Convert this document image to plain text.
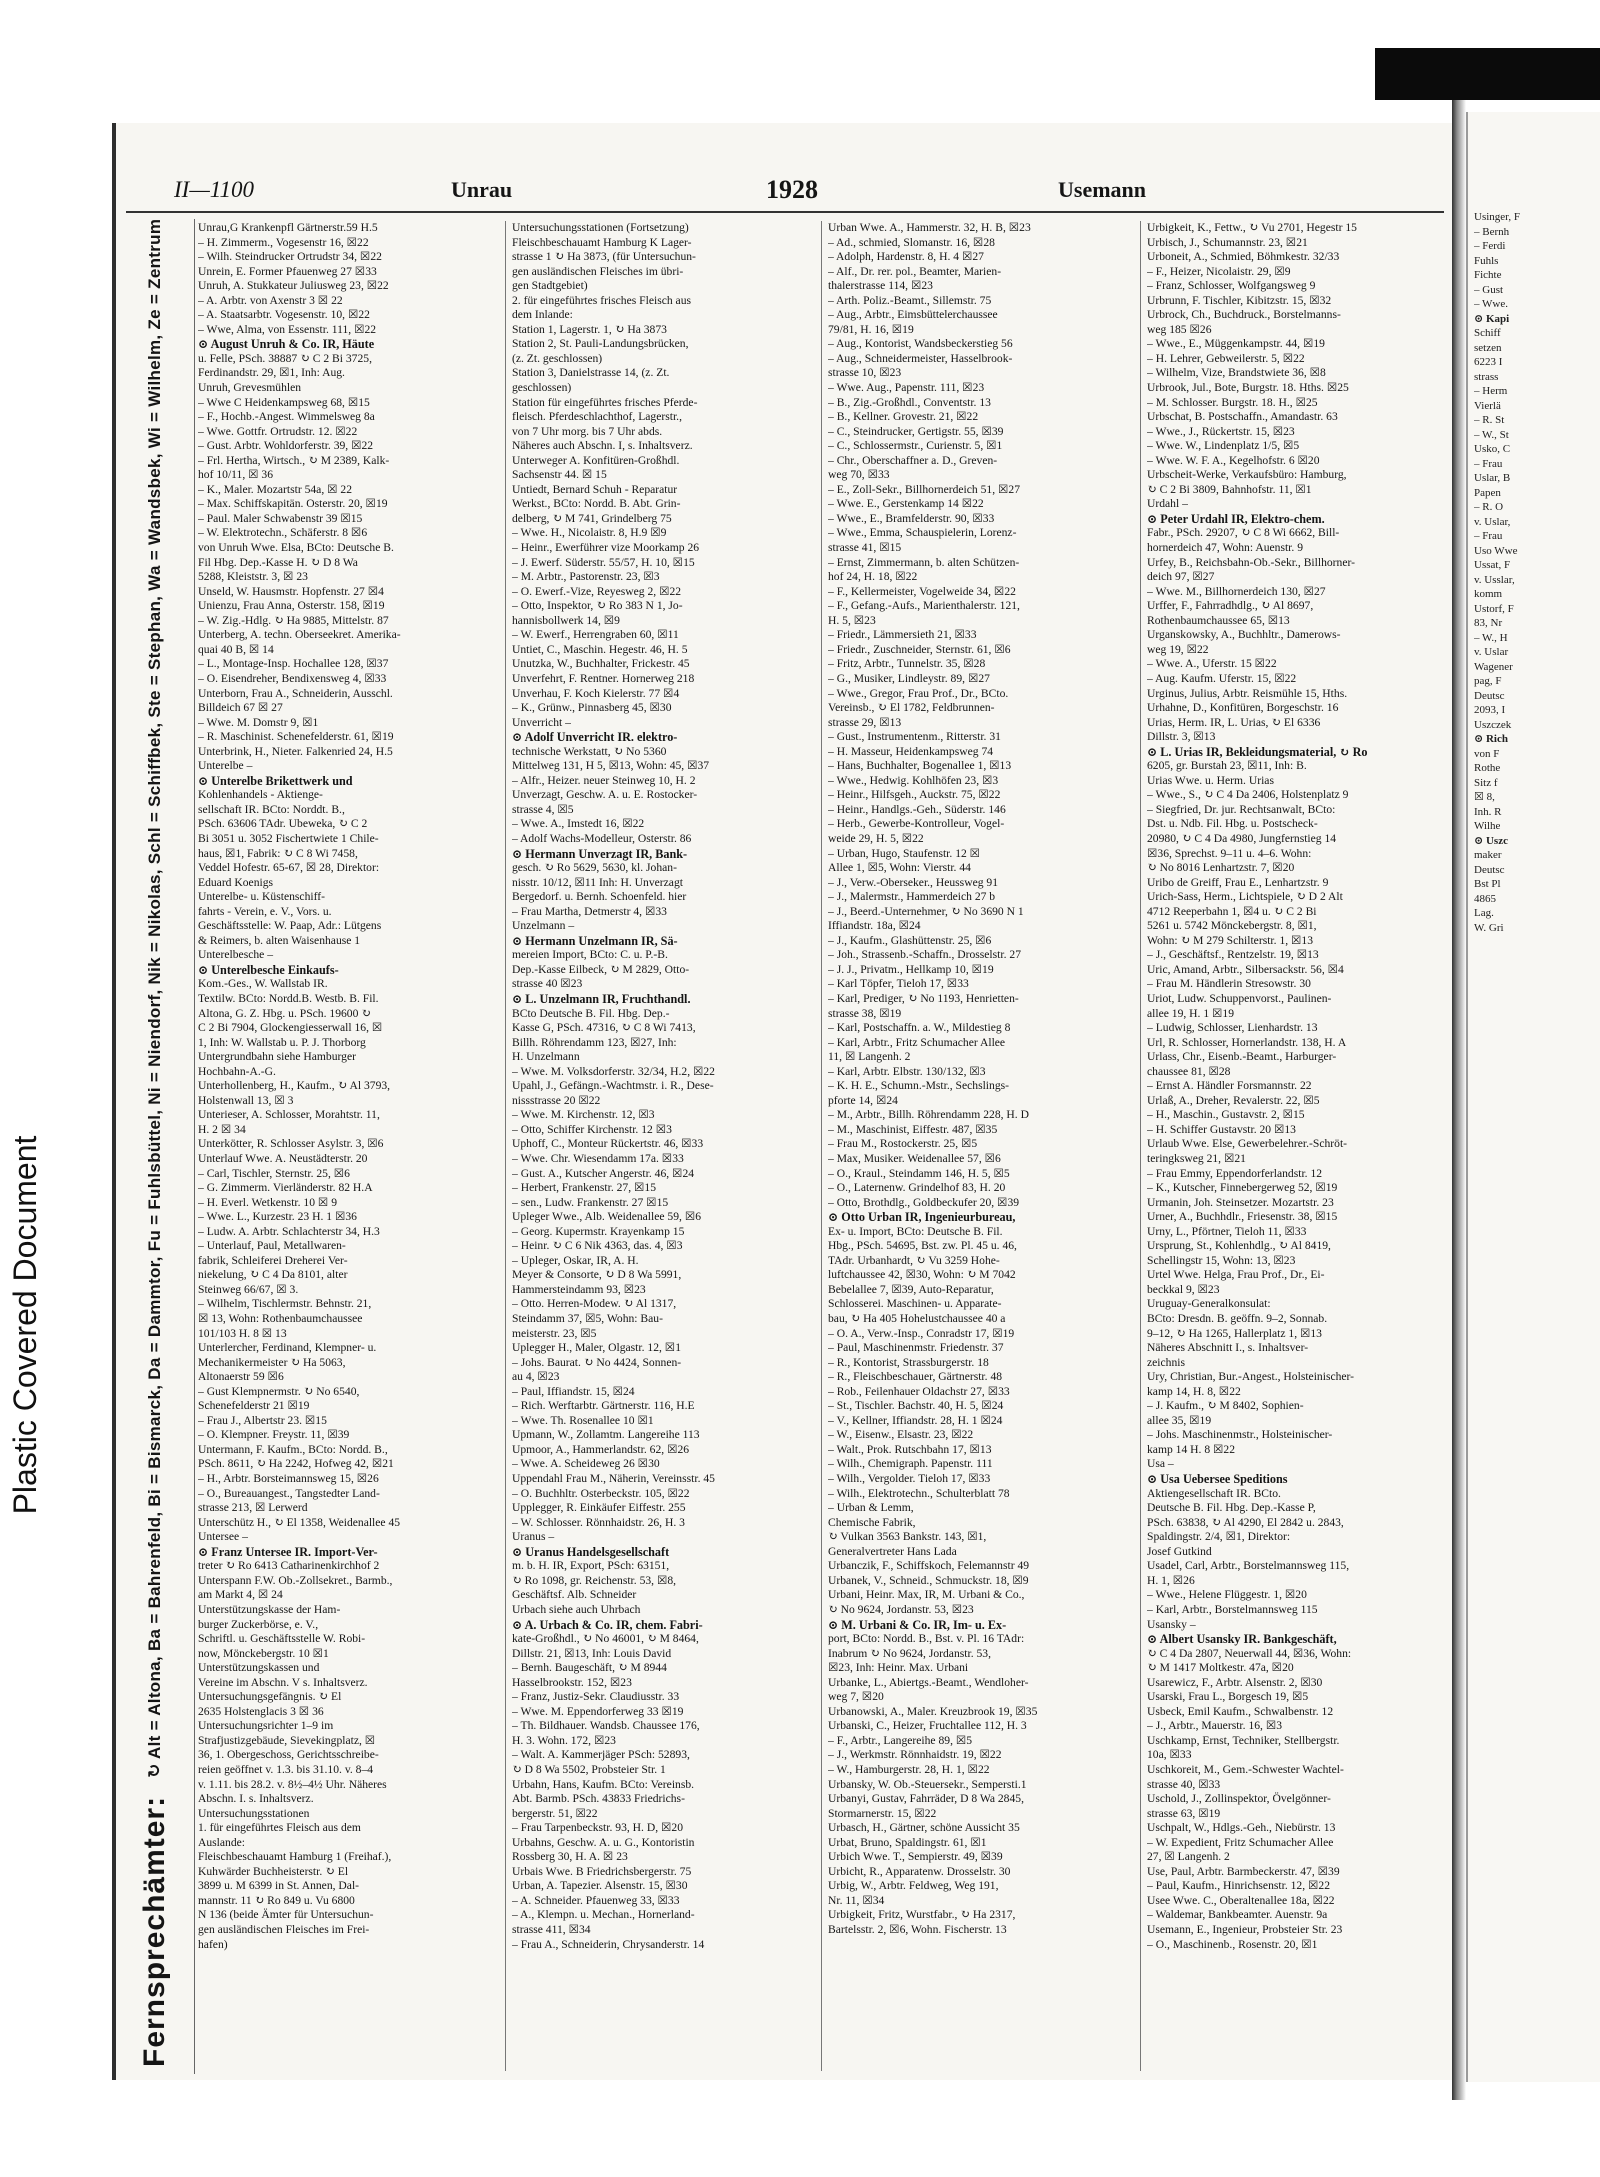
Plastic Covered Document
II—1100	Unrau	1928	Usemann
Fernsprechämter:
↻ Alt = Altona, Ba = Bahrenfeld, Bi = Bismarck, Da = Dammtor, Fu = Fuhlsbüttel, Ni = Niendorf, Nik = Nikolas, Schl = Schiffbek, Ste = Stephan, Wa = Wandsbek, Wi = Wilhelm, Ze = Zentrum	Unrau,G Krankenpfl Gärtnerstr.59 H.5
– H. Zimmerm., Vogesenstr 16, ☒22
– Wilh. Steindrucker Ortrudstr 34, ☒22
Unrein, E. Former Pfauenweg 27 ☒33
Unruh, A. Stukkateur Juliusweg 23, ☒22
– A. Arbtr. von Axenstr 3 ☒ 22
– A. Staatsarbtr. Vogesenstr. 10, ☒22
– Wwe, Alma, von Essenstr. 111, ☒22
⊙ August Unruh & Co. IR, Häute
u. Felle, PSch. 38887 ↻ C 2 Bi 3725,
Ferdinandstr. 29, ☒1, Inh: Aug.
Unruh, Grevesmühlen
– Wwe C Heidenkampsweg 68, ☒15
– F., Hochb.-Angest. Wimmelsweg 8a
– Wwe. Gottfr. Ortrudstr. 12. ☒22
– Gust. Arbtr. Wohldorferstr. 39, ☒22
– Frl. Hertha, Wirtsch., ↻ M 2389, Kalk-
hof 10/11, ☒ 36
– K., Maler. Mozartstr 54a, ☒ 22
– Max. Schiffskapitän. Osterstr. 20, ☒19
– Paul. Maler Schwabenstr 39 ☒15
– W. Elektrotechn., Schäferstr. 8 ☒6
von Unruh Wwe. Elsa, BCto: Deutsche B.
Fil Hbg. Dep.-Kasse H. ↻ D 8 Wa
5288, Kleiststr. 3, ☒ 23
Unseld, W. Hausmstr. Hopfenstr. 27 ☒4
Unienzu, Frau Anna, Osterstr. 158, ☒19
– W. Zig.-Hdlg. ↻ Ha 9885, Mittelstr. 87
Unterberg, A. techn. Oberseekret. Amerika-
quai 40 B, ☒ 14
– L., Montage-Insp. Hochallee 128, ☒37
– O. Eisendreher, Bendixensweg 4, ☒33
Unterborn, Frau A., Schneiderin, Ausschl.
Billdeich 67 ☒ 27
– Wwe. M. Domstr 9, ☒1
– R. Maschinist. Schenefelderstr. 61, ☒19
Unterbrink, H., Nieter. Falkenried 24, H.5
Unterelbe –
⊙ Unterelbe Brikettwerk und
Kohlenhandels - Aktienge-
sellschaft IR. BCto: Norddt. B.,
PSch. 63606 TAdr. Ubeweka, ↻ C 2
Bi 3051 u. 3052 Fischertwiete 1 Chile-
haus, ☒1, Fabrik: ↻ C 8 Wi 7458,
Veddel Hofestr. 65-67, ☒ 28, Direktor:
Eduard Koenigs
Unterelbe- u. Küstenschiff-
fahrts - Verein, e. V., Vors. u.
Geschäftsstelle: W. Paap, Adr.: Lütgens
& Reimers, b. alten Waisenhause 1
Unterelbesche –
⊙ Unterelbesche Einkaufs-
Kom.-Ges., W. Wallstab IR.
Textilw. BCto: Nordd.B. Westb. B. Fil.
Altona, G. Z. Hbg. u. PSch. 19600 ↻
C 2 Bi 7904, Glockengiesserwall 16, ☒
1, Inh: W. Wallstab u. P. J. Thorborg
Untergrundbahn siehe Hamburger
Hochbahn-A.-G.
Unterhollenberg, H., Kaufm., ↻ Al 3793,
Holstenwall 13, ☒ 3
Unterieser, A. Schlosser, Morahtstr. 11,
H. 2 ☒ 34
Unterkötter, R. Schlosser Asylstr. 3, ☒6
Unterlauf Wwe. A. Neustädterstr. 20
– Carl, Tischler, Sternstr. 25, ☒6
– G. Zimmerm. Vierländerstr. 82 H.A
– H. Everl. Wetkenstr. 10 ☒ 9
– Wwe. L., Kurzestr. 23 H. 1 ☒36
– Ludw. A. Arbtr. Schlachterstr 34, H.3
– Unterlauf, Paul, Metallwaren-
fabrik, Schleiferei Dreherei Ver-
niekelung, ↻ C 4 Da 8101, alter
Steinweg 66/67, ☒ 3.
– Wilhelm, Tischlermstr. Behnstr. 21,
☒ 13, Wohn: Rothenbaumchaussee
101/103 H. 8 ☒ 13
Unterlercher, Ferdinand, Klempner- u.
Mechanikermeister ↻ Ha 5063,
Altonaerstr 59 ☒6
– Gust Klempnermstr. ↻ No 6540,
Schenefelderstr 21 ☒19
– Frau J., Albertstr 23. ☒15
– O. Klempner. Freystr. 11, ☒39
Untermann, F. Kaufm., BCto: Nordd. B.,
PSch. 8611, ↻ Ha 2242, Hofweg 42, ☒21
– H., Arbtr. Borsteimannsweg 15, ☒26
– O., Bureauangest., Tangstedter Land-
strasse 213, ☒ Lerwerd
Unterschütz H., ↻ El 1358, Weidenallee 45
Untersee –
⊙ Franz Untersee IR. Import-Ver-
treter ↻ Ro 6413 Catharinenkirchhof 2
Unterspann F.W. Ob.-Zollsekret., Barmb.,
am Markt 4, ☒ 24
Unterstützungskasse der Ham-
burger Zuckerbörse, e. V.,
Schriftl. u. Geschäftsstelle W. Robi-
now, Mönckebergstr. 10 ☒1
Unterstützungskassen und
Vereine im Abschn. V s. Inhaltsverz.
Untersuchungsgefängnis. ↻ El
2635 Holstenglacis 3 ☒ 36
Untersuchungsrichter 1–9 im
Strafjustizgebäude, Sievekingplatz, ☒
36, 1. Obergeschoss, Gerichtsschreibe-
reien geöffnet v. 1.3. bis 31.10. v. 8–4
v. 1.11. bis 28.2. v. 8½–4½ Uhr. Näheres
Abschn. I. s. Inhaltsverz.
Untersuchungsstationen
1. für eingeführtes Fleisch aus dem
Auslande:
Fleischbeschauamt Hamburg 1 (Freihaf.),
Kuhwärder Buchheisterstr. ↻ El
3899 u. M 6399 in St. Annen, Dal-
mannstr. 11 ↻ Ro 849 u. Vu 6800
N 136 (beide Ämter für Untersuchun-
gen ausländischen Fleisches im Frei-
hafen)
Untersuchungsstationen (Fortsetzung)
Fleischbeschauamt Hamburg K Lager-
strasse 1 ↻ Ha 3873, (für Untersuchun-
gen ausländischen Fleisches im übri-
gen Stadtgebiet)
2. für eingeführtes frisches Fleisch aus
dem Inlande:
Station 1, Lagerstr. 1, ↻ Ha 3873
Station 2, St. Pauli-Landungsbrücken,
(z. Zt. geschlossen)
Station 3, Danielstrasse 14, (z. Zt.
geschlossen)
Station für eingeführtes frisches Pferde-
fleisch. Pferdeschlachthof, Lagerstr.,
von 7 Uhr morg. bis 7 Uhr abds.
Näheres auch Abschn. I, s. Inhaltsverz.
Unterweger A. Konfitüren-Großhdl.
Sachsenstr 44. ☒ 15
Untiedt, Bernard Schuh - Reparatur
Werkst., BCto: Nordd. B. Abt. Grin-
delberg, ↻ M 741, Grindelberg 75
– Wwe. H., Nicolaistr. 8, H.9 ☒9
– Heinr., Ewerführer vize Moorkamp 26
– J. Ewerf. Süderstr. 55/57, H. 10, ☒15
– M. Arbtr., Pastorenstr. 23, ☒3
– O. Ewerf.-Vize, Reyesweg 2, ☒22
– Otto, Inspektor, ↻ Ro 383 N 1, Jo-
hannisbollwerk 14, ☒9
– W. Ewerf., Herrengraben 60, ☒11
Untiet, C., Maschin. Hegestr. 46, H. 5
Unutzka, W., Buchhalter, Frickestr. 45
Unverfehrt, F. Rentner. Hornerweg 218
Unverhau, F. Koch Kielerstr. 77 ☒4
– K., Grünw., Pinnasberg 45, ☒30
Unverricht –
⊙ Adolf Unverricht IR. elektro-
technische Werkstatt, ↻ No 5360
Mittelweg 131, H 5, ☒13, Wohn: 45, ☒37
– Alfr., Heizer. neuer Steinweg 10, H. 2
Unverzagt, Geschw. A. u. E. Rostocker-
strasse 4, ☒5
– Wwe. A., Imstedt 16, ☒22
– Adolf Wachs-Modelleur, Osterstr. 86
⊙ Hermann Unverzagt IR, Bank-
gesch. ↻ Ro 5629, 5630, kl. Johan-
nisstr. 10/12, ☒11 Inh: H. Unverzagt
Bergedorf. u. Bernh. Schoenfeld. hier
– Frau Martha, Detmerstr 4, ☒33
Unzelmann –
⊙ Hermann Unzelmann IR, Sä-
mereien Import, BCto: C. u. P.-B.
Dep.-Kasse Eilbeck, ↻ M 2829, Otto-
strasse 40 ☒23
⊙ L. Unzelmann IR, Fruchthandl.
BCto Deutsche B. Fil. Hbg. Dep.-
Kasse G, PSch. 47316, ↻ C 8 Wi 7413,
Billh. Röhrendamm 123, ☒27, Inh:
H. Unzelmann
– Wwe. M. Volksdorferstr. 32/34, H.2, ☒22
Upahl, J., Gefängn.-Wachtmstr. i. R., Dese-
nissstrasse 20 ☒22
– Wwe. M. Kirchenstr. 12, ☒3
– Otto, Schiffer Kirchenstr. 12 ☒3
Uphoff, C., Monteur Rückertstr. 46, ☒33
– Wwe. Chr. Wiesendamm 17a. ☒33
– Gust. A., Kutscher Angerstr. 46, ☒24
– Herbert, Frankenstr. 27, ☒15
– sen., Ludw. Frankenstr. 27 ☒15
Upleger Wwe., Alb. Weidenallee 59, ☒6
– Georg. Kupermstr. Krayenkamp 15
– Heinr. ↻ C 6 Nik 4363, das. 4, ☒3
– Upleger, Oskar, IR, A. H.
Meyer & Consorte, ↻ D 8 Wa 5991,
Hammersteindamm 93, ☒23
– Otto. Herren-Modew. ↻ Al 1317,
Steindamm 37, ☒5, Wohn: Bau-
meisterstr. 23, ☒5
Uplegger H., Maler, Olgastr. 12, ☒1
– Johs. Baurat. ↻ No 4424, Sonnen-
au 4, ☒23
– Paul, Iffiandstr. 15, ☒24
– Rich. Werftarbtr. Gärtnerstr. 116, H.E
– Wwe. Th. Rosenallee 10 ☒1
Upmann, W., Zollamtm. Langereihe 113
Upmoor, A., Hammerlandstr. 62, ☒26
– Wwe. A. Scheideweg 26 ☒30
Uppendahl Frau M., Näherin, Vereinsstr. 45
– O. Buchhltr. Osterbeckstr. 105, ☒22
Upplegger, R. Einkäufer Eiffestr. 255
– W. Schlosser. Rönnhaidstr. 26, H. 3
Uranus –
⊙ Uranus Handelsgesellschaft
m. b. H. IR, Export, PSch: 63151,
↻ Ro 1098, gr. Reichenstr. 53, ☒8,
Geschäftsf. Alb. Schneider
Urbach siehe auch Uhrbach
⊙ A. Urbach & Co. IR, chem. Fabri-
kate-Großhdl., ↻ No 46001, ↻ M 8464,
Dillstr. 21, ☒13, Inh: Louis David
– Bernh. Baugeschäft, ↻ M 8944
Hasselbrookstr. 152, ☒23
– Franz, Justiz-Sekr. Claudiusstr. 33
– Wwe. M. Eppendorferweg 33 ☒19
– Th. Bildhauer. Wandsb. Chaussee 176,
H. 3. Wohn. 172, ☒23
– Walt. A. Kammerjäger PSch: 52893,
↻ D 8 Wa 5502, Probsteier Str. 1
Urbahn, Hans, Kaufm. BCto: Vereinsb.
Abt. Barmb. PSch. 43833 Friedrichs-
bergerstr. 51, ☒22
– Frau Tarpenbeckstr. 93, H. D, ☒20
Urbahns, Geschw. A. u. G., Kontoristin
Rossberg 30, H. A. ☒ 23
Urbais Wwe. B Friedrichsbergerstr. 75
Urban, A. Tapezier. Alsenstr. 15, ☒30
– A. Schneider. Pfauenweg 33, ☒33
– A., Klempn. u. Mechan., Hornerland-
strasse 411, ☒34
– Frau A., Schneiderin, Chrysanderstr. 14
Urban Wwe. A., Hammerstr. 32, H. B, ☒23
– Ad., schmied, Slomanstr. 16, ☒28
– Adolph, Hardenstr. 8, H. 4 ☒27
– Alf., Dr. rer. pol., Beamter, Marien-
thalerstrasse 114, ☒23
– Arth. Poliz.-Beamt., Sillemstr. 75
– Aug., Arbtr., Eimsbüttelerchaussee
79/81, H. 16, ☒19
– Aug., Kontorist, Wandsbeckerstieg 56
– Aug., Schneidermeister, Hasselbrook-
strasse 10, ☒23
– Wwe. Aug., Papenstr. 111, ☒23
– B., Zig.-Großhdl., Conventstr. 13
– B., Kellner. Grovestr. 21, ☒22
– C., Steindrucker, Gertigstr. 55, ☒39
– C., Schlossermstr., Curienstr. 5, ☒1
– Chr., Oberschaffner a. D., Greven-
weg 70, ☒33
– E., Zoll-Sekr., Billhornerdeich 51, ☒27
– Wwe. E., Gerstenkamp 14 ☒22
– Wwe., E., Bramfelderstr. 90, ☒33
– Wwe., Emma, Schauspielerin, Lorenz-
strasse 41, ☒15
– Ernst, Zimmermann, b. alten Schützen-
hof 24, H. 18, ☒22
– F., Kellermeister, Vogelweide 34, ☒22
– F., Gefang.-Aufs., Marienthalerstr. 121,
H. 5, ☒23
– Friedr., Lämmersieth 21, ☒33
– Friedr., Zuschneider, Sternstr. 61, ☒6
– Fritz, Arbtr., Tunnelstr. 35, ☒28
– G., Musiker, Lindleystr. 89, ☒27
– Wwe., Gregor, Frau Prof., Dr., BCto.
Vereinsb., ↻ El 1782, Feldbrunnen-
strasse 29, ☒13
– Gust., Instrumentenm., Ritterstr. 31
– H. Masseur, Heidenkampsweg 74
– Hans, Buchhalter, Bogenallee 1, ☒13
– Wwe., Hedwig. Kohlhöfen 23, ☒3
– Heinr., Hilfsgeh., Auckstr. 75, ☒22
– Heinr., Handlgs.-Geh., Süderstr. 146
– Herb., Gewerbe-Kontrolleur, Vogel-
weide 29, H. 5, ☒22
– Urban, Hugo, Staufenstr. 12 ☒
Allee 1, ☒5, Wohn: Vierstr. 44
– J., Verw.-Oberseker., Heussweg 91
– J., Malermstr., Hammerdeich 27 b
– J., Beerd.-Unternehmer, ↻ No 3690 N 1
Iffiandstr. 18a, ☒24
– J., Kaufm., Glashüttenstr. 25, ☒6
– Joh., Strassenb.-Schaffn., Drosselstr. 27
– J. J., Privatm., Hellkamp 10, ☒19
– Karl Töpfer, Tieloh 17, ☒33
– Karl, Prediger, ↻ No 1193, Henrietten-
strasse 38, ☒19
– Karl, Postschaffn. a. W., Mildestieg 8
– Karl, Arbtr., Fritz Schumacher Allee
11, ☒ Langenh. 2
– Karl, Arbtr. Elbstr. 130/132, ☒3
– K. H. E., Schumn.-Mstr., Sechslings-
pforte 14, ☒24
– M., Arbtr., Billh. Röhrendamm 228, H. D
– M., Maschinist, Eiffestr. 487, ☒35
– Frau M., Rostockerstr. 25, ☒5
– Max, Musiker. Weidenallee 57, ☒6
– O., Kraul., Steindamm 146, H. 5, ☒5
– O., Laternenw. Grindelhof 83, H. 20
– Otto, Brothdlg., Goldbeckufer 20, ☒39
⊙ Otto Urban IR, Ingenieurbureau,
Ex- u. Import, BCto: Deutsche B. Fil.
Hbg., PSch. 54695, Bst. zw. Pl. 45 u. 46,
TAdr. Urbanhardt, ↻ Vu 3259 Hohe-
luftchaussee 42, ☒30, Wohn: ↻ M 7042
Bebelallee 7, ☒39, Auto-Reparatur,
Schlosserei. Maschinen- u. Apparate-
bau, ↻ Ha 405 Hohelustchaussee 40 a
– O. A., Verw.-Insp., Conradstr 17, ☒19
– Paul, Maschinenmstr. Friedenstr. 37
– R., Kontorist, Strassburgerstr. 18
– R., Fleischbeschauer, Gärtnerstr. 48
– Rob., Feilenhauer Oldachstr 27, ☒33
– St., Tischler. Bachstr. 40, H. 5, ☒24
– V., Kellner, Iffiandstr. 28, H. 1 ☒24
– W., Eisenw., Elsastr. 23, ☒22
– Walt., Prok. Rutschbahn 17, ☒13
– Wilh., Chemigraph. Papenstr. 111
– Wilh., Vergolder. Tieloh 17, ☒33
– Wilh., Elektrotechn., Schulterblatt 78
– Urban & Lemm,
Chemische Fabrik,
↻ Vulkan 3563 Bankstr. 143, ☒1,
Generalvertreter Hans Lada
Urbanczik, F., Schiffskoch, Felemannstr 49
Urbanek, V., Schneid., Schmuckstr. 18, ☒9
Urbani, Heinr. Max, IR, M. Urbani & Co.,
↻ No 9624, Jordanstr. 53, ☒23
⊙ M. Urbani & Co. IR, Im- u. Ex-
port, BCto: Nordd. B., Bst. v. Pl. 16 TAdr:
Inabrum ↻ No 9624, Jordanstr. 53,
☒23, Inh: Heinr. Max. Urbani
Urbanke, L., Abiertgs.-Beamt., Wendloher-
weg 7, ☒20
Urbanowski, A., Maler. Kreuzbrook 19, ☒35
Urbanski, C., Heizer, Fruchtallee 112, H. 3
– F., Arbtr., Langereihe 89, ☒5
– J., Werkmstr. Rönnhaidstr. 19, ☒22
– W., Hamburgerstr. 28, H. 1, ☒22
Urbansky, W. Ob.-Steuersekr., Sempersti.1
Urbanyi, Gustav, Fahrräder, D 8 Wa 2845,
Stormarnerstr. 15, ☒22
Urbasch, H., Gärtner, schöne Aussicht 35
Urbat, Bruno, Spaldingstr. 61, ☒1
Urbich Wwe. T., Sempierstr. 49, ☒39
Urbicht, R., Apparatenw. Drosselstr. 30
Urbig, W., Arbtr. Feldweg, Weg 191,
Nr. 11, ☒34
Urbigkeit, Fritz, Wurstfabr., ↻ Ha 2317,
Bartelsstr. 2, ☒6, Wohn. Fischerstr. 13
Urbigkeit, K., Fettw., ↻ Vu 2701, Hegestr 15
Urbisch, J., Schumannstr. 23, ☒21
Urboneit, A., Schmied, Böhmkestr. 32/33
– F., Heizer, Nicolaistr. 29, ☒9
– Franz, Schlosser, Wolfgangsweg 9
Urbrunn, F. Tischler, Kibitzstr. 15, ☒32
Urbrock, Ch., Buchdruck., Borstelmanns-
weg 185 ☒26
– Wwe., E., Müggenkampstr. 44, ☒19
– H. Lehrer, Gebweilerstr. 5, ☒22
– Wilhelm, Vize, Brandstwiete 36, ☒8
Urbrook, Jul., Bote, Burgstr. 18. Hths. ☒25
– M. Schlosser. Burgstr. 18. H., ☒25
Urbschat, B. Postschaffn., Amandastr. 63
– Wwe., J., Rückertstr. 15, ☒23
– Wwe. W., Lindenplatz 1/5, ☒5
– Wwe. W. F. A., Kegelhofstr. 6 ☒20
Urbscheit-Werke, Verkaufsbüro: Hamburg,
↻ C 2 Bi 3809, Bahnhofstr. 11, ☒1
Urdahl –
⊙ Peter Urdahl IR, Elektro-chem.
Fabr., PSch. 29207, ↻ C 8 Wi 6662, Bill-
hornerdeich 47, Wohn: Auenstr. 9
Urfey, B., Reichsbahn-Ob.-Sekr., Billhorner-
deich 97, ☒27
– Wwe. M., Billhornerdeich 130, ☒27
Urffer, F., Fahrradhdlg., ↻ Al 8697,
Rothenbaumchaussee 65, ☒13
Urganskowsky, A., Buchhltr., Damerows-
weg 19, ☒22
– Wwe. A., Uferstr. 15 ☒22
– Aug. Kaufm. Uferstr. 15, ☒22
Urginus, Julius, Arbtr. Reismühle 15, Hths.
Urhahne, D., Konfitüren, Borgeschstr. 16
Urias, Herm. IR, L. Urias, ↻ El 6336
Dillstr. 3, ☒13
⊙ L. Urias IR, Bekleidungsmaterial, ↻ Ro
6205, gr. Burstah 23, ☒11, Inh: B.
Urias Wwe. u. Herm. Urias
– Wwe., S., ↻ C 4 Da 2406, Holstenplatz 9
– Siegfried, Dr. jur. Rechtsanwalt, BCto:
Dst. u. Ndb. Fil. Hbg. u. Postscheck-
20980, ↻ C 4 Da 4980, Jungfernstieg 14
☒36, Sprechst. 9–11 u. 4–6. Wohn:
↻ No 8016 Lenhartzstr. 7, ☒20
Uribo de Greiff, Frau E., Lenhartzstr. 9
Urich-Sass, Herm., Lichtspiele, ↻ D 2 Alt
4712 Reeperbahn 1, ☒4 u. ↻ C 2 Bi
5261 u. 5742 Mönckebergstr. 8, ☒1,
Wohn: ↻ M 279 Schilterstr. 1, ☒13
– J., Geschäftsf., Rentzelstr. 19, ☒13
Uric, Amand, Arbtr., Silbersackstr. 56, ☒4
– Frau M. Händlerin Stresowstr. 30
Uriot, Ludw. Schuppenvorst., Paulinen-
allee 19, H. 1 ☒19
– Ludwig, Schlosser, Lienhardstr. 13
Url, R. Schlosser, Hornerlandstr. 138, H. A
Urlass, Chr., Eisenb.-Beamt., Harburger-
chaussee 81, ☒28
– Ernst A. Händler Forsmannstr. 22
Urlaß, A., Dreher, Revalerstr. 22, ☒5
– H., Maschin., Gustavstr. 2, ☒15
– H. Schiffer Gustavstr. 20 ☒13
Urlaub Wwe. Else, Gewerbelehrer.-Schröt-
teringksweg 21, ☒21
– Frau Emmy, Eppendorferlandstr. 12
– K., Kutscher, Finnebergerweg 52, ☒19
Urmanin, Joh. Steinsetzer. Mozartstr. 23
Urner, A., Buchhdlr., Friesenstr. 38, ☒15
Urny, L., Pförtner, Tieloh 11, ☒33
Ursprung, St., Kohlenhdlg., ↻ Al 8419,
Schellingstr 15, Wohn: 13, ☒23
Urtel Wwe. Helga, Frau Prof., Dr., Ei-
beckkal 9, ☒23
Uruguay-Generalkonsulat:
BCto: Dresdn. B. geöffn. 9–2, Sonnab.
9–12, ↻ Ha 1265, Hallerplatz 1, ☒13
Näheres Abschnitt I., s. Inhaltsver-
zeichnis
Ury, Christian, Bur.-Angest., Holsteinischer-
kamp 14, H. 8, ☒22
– J. Kaufm., ↻ M 8402, Sophien-
allee 35, ☒19
– Johs. Maschinenmstr., Holsteinischer-
kamp 14 H. 8 ☒22
Usa –
⊙ Usa Uebersee Speditions
Aktiengesellschaft IR. BCto.
Deutsche B. Fil. Hbg. Dep.-Kasse P,
PSch. 63838, ↻ Al 4290, El 2842 u. 2843,
Spaldingstr. 2/4, ☒1, Direktor:
Josef Gutkind
Usadel, Carl, Arbtr., Borstelmannsweg 115,
H. 1, ☒26
– Wwe., Helene Flüggestr. 1, ☒20
– Karl, Arbtr., Borstelmannsweg 115
Usansky –
⊙ Albert Usansky IR. Bankgeschäft,
↻ C 4 Da 2807, Neuerwall 44, ☒36, Wohn:
↻ M 1417 Moltkestr. 47a, ☒20
Usarewicz, F., Arbtr. Alsenstr. 2, ☒30
Usarski, Frau L., Borgesch 19, ☒5
Usbeck, Emil Kaufm., Schwalbenstr. 12
– J., Arbtr., Mauerstr. 16, ☒3
Uschkamp, Ernst, Techniker, Stellbergstr.
10a, ☒33
Uschkoreit, M., Gem.-Schwester Wachtel-
strasse 40, ☒33
Uschold, J., Zollinspektor, Övelgönner-
strasse 63, ☒19
Uschpalt, W., Hdlgs.-Geh., Niebürstr. 13
– W. Expedient, Fritz Schumacher Allee
27, ☒ Langenh. 2
Use, Paul, Arbtr. Barmbeckerstr. 47, ☒39
– Paul, Kaufm., Hinrichsenstr. 12, ☒22
Usee Wwe. C., Oberaltenallee 18a, ☒22
– Waldemar, Bankbeamter. Auenstr. 9a
Usemann, E., Ingenieur, Probsteier Str. 23
– O., Maschinenb., Rosenstr. 20, ☒1
Usinger, F
– Bernh
– Ferdi
Fuhls
Fichte
– Gust
– Wwe.
⊙ Kapi
Schiff
setzen
6223 I
strass
– Herm
Vierlä
– R. St
– W., St
Usko, C
– Frau
Uslar, B
Papen
– R. O
v. Uslar,
– Frau
Uso Wwe
Ussat, F
v. Usslar,
komm
Ustorf, F
83, Nr
– W., H
v. Uslar
Wagener
pag, F
Deutsc
2093, I
Uszczek
⊙ Rich
von F
Rothe
Sitz f
☒ 8,
Inh. R
Wilhe
⊙ Uszc
maker
Deutsc
Bst Pl
4865
Lag.
W. Gri
